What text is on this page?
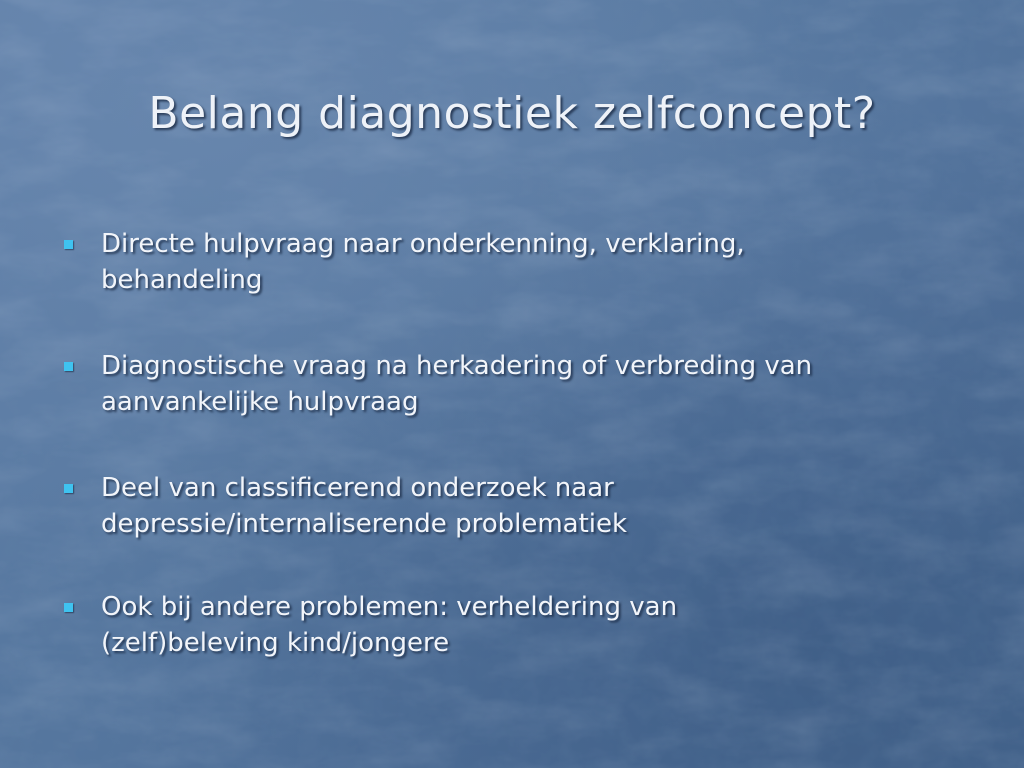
Belang diagnostiek zelfconcept?
Directe hulpvraag naar onderkenning, verklaring,
behandeling
Diagnostische vraag na herkadering of verbreding van
aanvankelijke hulpvraag
Deel van classificerend onderzoek naar
depressie/internaliserende problematiek
Ook bij andere problemen: verheldering van
(zelf)beleving kind/jongere
